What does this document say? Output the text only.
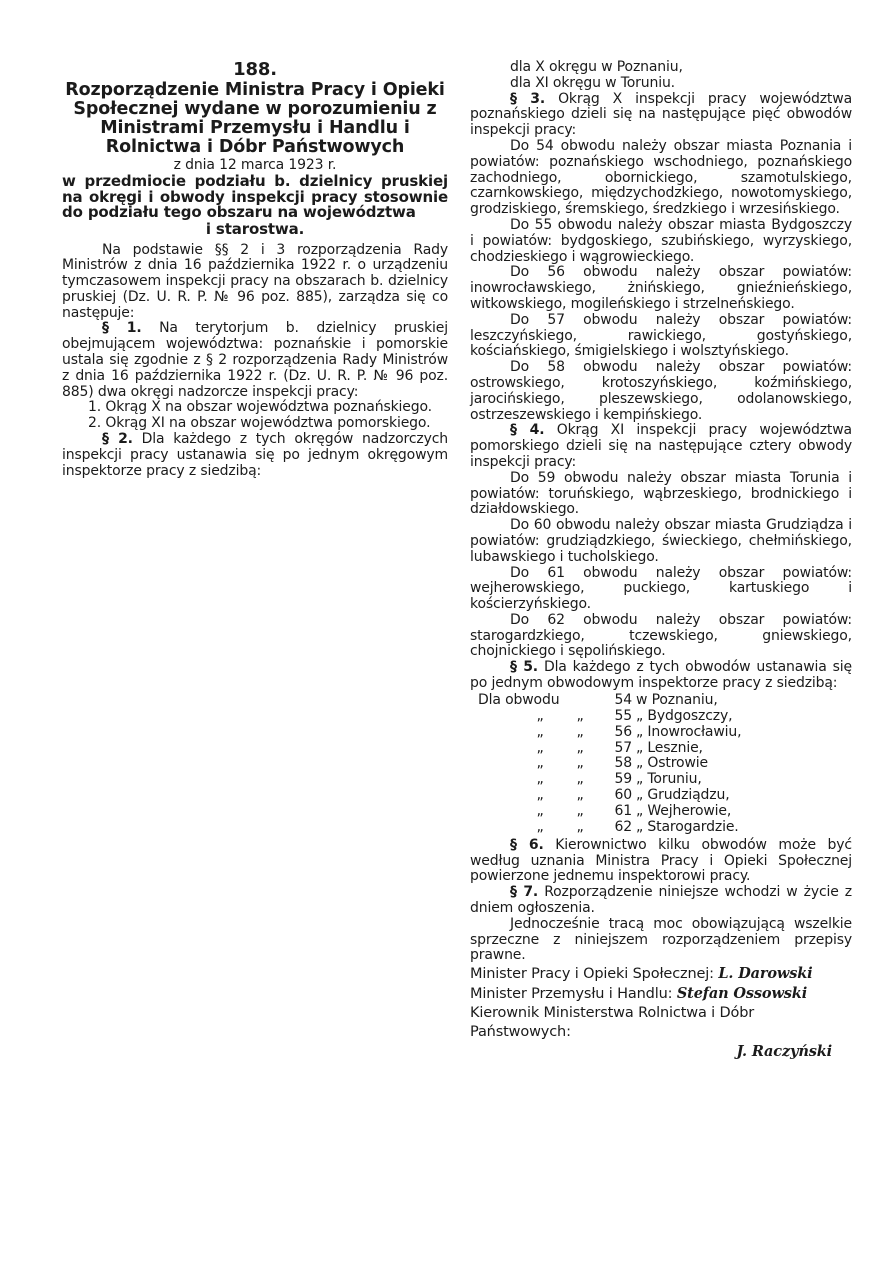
188.
Rozporządzenie Ministra Pracy i Opieki Społecznej wydane w porozumieniu z Ministrami Przemysłu i Handlu i Rolnictwa i Dóbr Państwowych
z dnia 12 marca 1923 r.
w przedmiocie podziału b. dzielnicy pruskiej na okręgi i obwody inspekcji pracy stosownie do podziału tego obszaru na województwa
i starostwa.

Na podstawie §§ 2 i 3 rozporządzenia Rady Ministrów z dnia 16 października 1922 r. o urządzeniu tymczasowem inspekcji pracy na obszarach b. dzielnicy pruskiej (Dz. U. R. P. № 96 poz. 885), zarządza się co następuje:

§ 1. Na terytorjum b. dzielnicy pruskiej obejmującem województwa: poznańskie i pomorskie ustala się zgodnie z § 2 rozporządzenia Rady Ministrów z dnia 16 października 1922 r. (Dz. U. R. P. № 96 poz. 885) dwa okręgi nadzorcze inspekcji pracy:

1. Okrąg X na obszar województwa poznańskiego.

2. Okrąg XI na obszar województwa pomorskiego.

§ 2. Dla każdego z tych okręgów nadzorczych inspekcji pracy ustanawia się po jednym okręgowym inspektorze pracy z siedzibą:

dla X okręgu w Poznaniu,

dla XI okręgu w Toruniu.

§ 3. Okrąg X inspekcji pracy województwa poznańskiego dzieli się na następujące pięć obwodów inspekcji pracy:

Do 54 obwodu należy obszar miasta Poznania i powiatów: poznańskiego wschodniego, poznańskiego zachodniego, obornickiego, szamotulskiego, czarnkowskiego, międzychodzkiego, nowotomyskiego, grodziskiego, śremskiego, średzkiego i wrzesińskiego.

Do 55 obwodu należy obszar miasta Bydgoszczy i powiatów: bydgoskiego, szubińskiego, wyrzyskiego, chodzieskiego i wągrowieckiego.

Do 56 obwodu należy obszar powiatów: inowrocławskiego, żnińskiego, gnieźnieńskiego, witkowskiego, mogileńskiego i strzelneńskiego.

Do 57 obwodu należy obszar powiatów: leszczyńskiego, rawickiego, gostyńskiego, kościańskiego, śmigielskiego i wolsztyńskiego.

Do 58 obwodu należy obszar powiatów: ostrowskiego, krotoszyńskiego, koźmińskiego, jarocińskiego, pleszewskiego, odolanowskiego, ostrzeszewskiego i kempińskiego.

§ 4. Okrąg XI inspekcji pracy województwa pomorskiego dzieli się na następujące cztery obwody inspekcji pracy:

Do 59 obwodu należy obszar miasta Torunia i powiatów: toruńskiego, wąbrzeskiego, brodnickiego i działdowskiego.

Do 60 obwodu należy obszar miasta Grudziądza i powiatów: grudziądzkiego, świeckiego, chełmińskiego, lubawskiego i tucholskiego.

Do 61 obwodu należy obszar powiatów: wejherowskiego, puckiego, kartuskiego i kościerzyńskiego.

Do 62 obwodu należy obszar powiatów: starogardzkiego, tczewskiego, gniewskiego, chojnickiego i sępolińskiego.

§ 5. Dla każdego z tych obwodów ustanawia się po jednym obwodowym inspektorze pracy z siedzibą:

Dla obwodu	54 w Poznaniu,
„	„	55 „ Bydgoszczy,
„	„	56 „ Inowrocławiu,
„	„	57 „ Lesznie,
„	„	58 „ Ostrowie
„	„	59 „ Toruniu,
„	„	60 „ Grudziądzu,
„	„	61 „ Wejherowie,
„	„	62 „ Starogardzie.

§ 6. Kierownictwo kilku obwodów może być według uznania Ministra Pracy i Opieki Społecznej powierzone jednemu inspektorowi pracy.

§ 7. Rozporządzenie niniejsze wchodzi w życie z dniem ogłoszenia.

Jednocześnie tracą moc obowiązującą wszelkie sprzeczne z niniejszem rozporządzeniem przepisy prawne.

Minister Pracy i Opieki Społecznej: L. Darowski
Minister Przemysłu i Handlu: Stefan Ossowski
Kierownik Ministerstwa Rolnictwa i Dóbr Państwowych:
J. Raczyński
